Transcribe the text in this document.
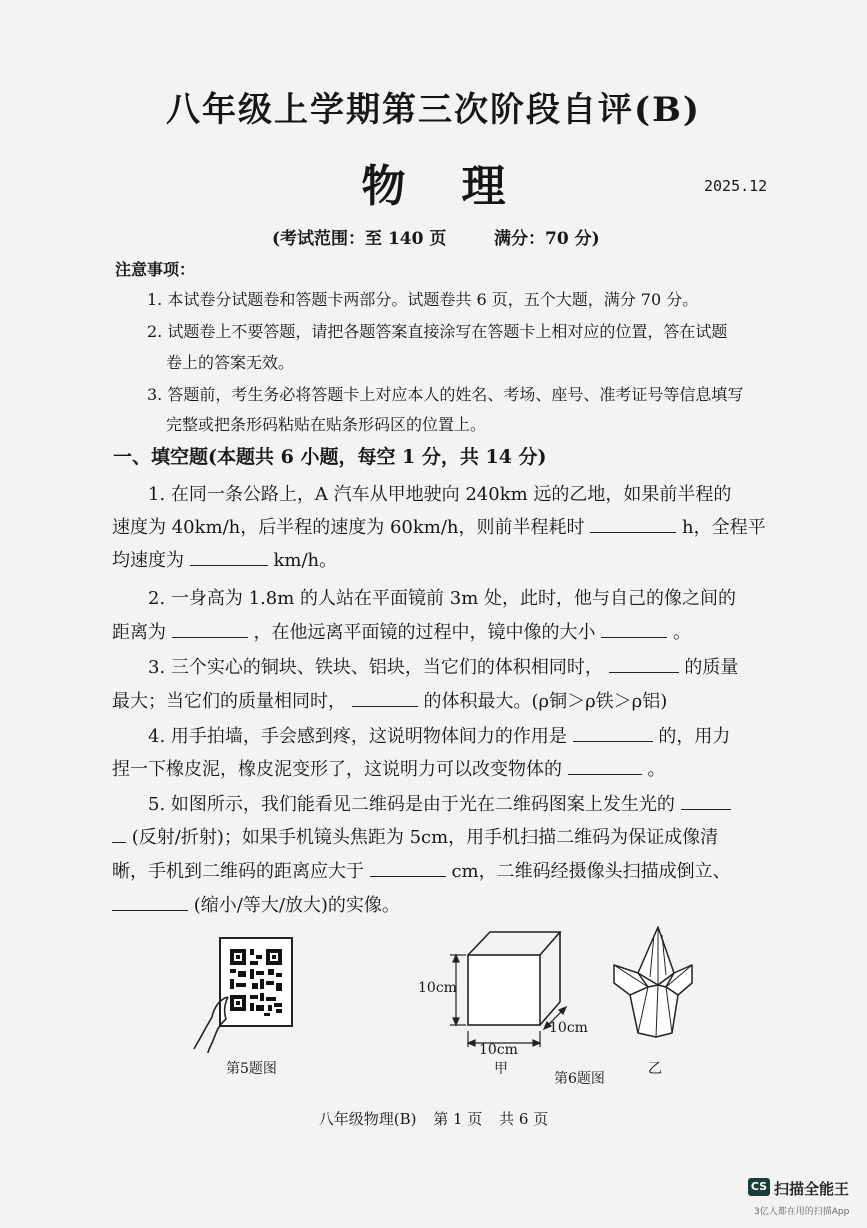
八年级上学期第三次阶段自评(B)
物理	2025.12
(考试范围：至 140 页	满分：70 分)
注意事项：
1. 本试卷分试题卷和答题卡两部分。试题卷共 6 页，五个大题，满分 70 分。
2. 试题卷上不要答题，请把各题答案直接涂写在答题卡上相对应的位置，答在试题
卷上的答案无效。
3. 答题前，考生务必将答题卡上对应本人的姓名、考场、座号、准考证号等信息填写
完整或把条形码粘贴在贴条形码区的位置上。
一、填空题(本题共 6 小题，每空 1 分，共 14 分)
1. 在同一条公路上，A 汽车从甲地驶向 240km 远的乙地，如果前半程的
速度为 40km/h，后半程的速度为 60km/h，则前半程耗时	h，全程平
均速度为	km/h。
2. 一身高为 1.8m 的人站在平面镜前 3m 处，此时，他与自己的像之间的
距离为	，在他远离平面镜的过程中，镜中像的大小	。
3. 三个实心的铜块、铁块、铝块，当它们的体积相同时，	的质量
最大；当它们的质量相同时，	的体积最大。(ρ铜＞ρ铁＞ρ铝)
4. 用手拍墙，手会感到疼，这说明物体间力的作用是	的，用力
捏一下橡皮泥，橡皮泥变形了，这说明力可以改变物体的	。
5. 如图所示，我们能看见二维码是由于光在二维码图案上发生光的
(反射/折射)；如果手机镜头焦距为 5cm，用手机扫描二维码为保证成像清
晰，手机到二维码的距离应大于	cm，二维码经摄像头扫描成倒立、
(缩小/等大/放大)的实像。
第5题图
10cm
10cm
10cm
甲	乙
第6题图
八年级物理(B) 第 1 页 共 6 页
CS 扫描全能王
3亿人都在用的扫描App
